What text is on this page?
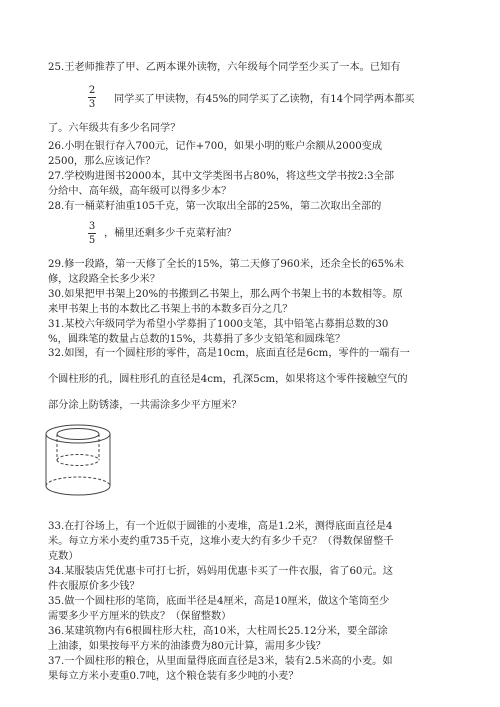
25.王老师推荐了甲、乙两本课外读物，六年级每个同学至少买了一本。已知有
2
3 同学买了甲读物，有45%的同学买了乙读物，有14个同学两本都买
了。六年级共有多少名同学？
26.小明在银行存入700元，记作+700，如果小明的账户余额从2000变成
2500，那么应该记作？
27.学校购进图书2000本，其中文学类图书占80%，将这些文学书按2:3全部
分给中、高年级，高年级可以得多少本？
28.有一桶菜籽油重105千克，第一次取出全部的25%，第二次取出全部的
3
5
，桶里还剩多少千克菜籽油？
29.修一段路，第一天修了全长的15%，第二天修了960米，还余全长的65%未
修，这段路全长多少米？
30.如果把甲书架上20%的书搬到乙书架上，那么两个书架上书的本数相等。原
来甲书架上书的本数比乙书架上书的本数多百分之几？
31.某校六年级同学为希望小学募捐了1000支笔，其中铅笔占募捐总数的30
%，圆珠笔的数量占总数的15%，共募捐了多少支铅笔和圆珠笔？
32.如图，有一个圆柱形的零件，高是10cm，底面直径是6cm，零件的一端有一
个圆柱形的孔，圆柱形孔的直径是4cm，孔深5cm，如果将这个零件接触空气的
部分涂上防锈漆，一共需涂多少平方厘米？
33.在打谷场上，有一个近似于圆锥的小麦堆，高是1.2米，测得底面直径是4
米。每立方米小麦约重735千克，这堆小麦大约有多少千克？（得数保留整千
克数）
34.某服装店凭优惠卡可打七折，妈妈用优惠卡买了一件衣服，省了60元。这
件衣服原价多少钱？
35.做一个圆柱形的笔筒，底面半径是4厘米，高是10厘米，做这个笔筒至少
需要多少平方厘米的铁皮？（保留整数）
36.某建筑物内有6根圆柱形大柱，高10米，大柱周长25.12分米，要全部涂
上油漆，如果按每平方米的油漆费为80元计算，需用多少钱？
37.一个圆柱形的粮仓，从里面量得底面直径是3米，装有2.5米高的小麦。如
果每立方米小麦重0.7吨，这个粮仓装有多少吨的小麦？
